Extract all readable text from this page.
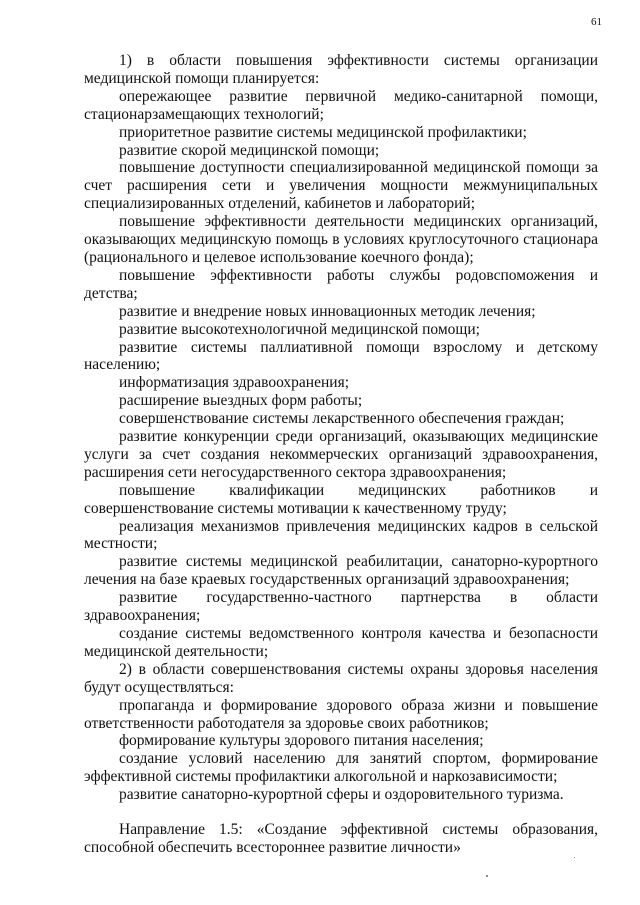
61

1) в области повышения эффективности системы организации медицинской помощи планируется:

опережающее развитие первичной медико-санитарной помощи, стационарзамещающих технологий;

приоритетное развитие системы медицинской профилактики;

развитие скорой медицинской помощи;

повышение доступности специализированной медицинской помощи за счет расширения сети и увеличения мощности межмуниципальных специализированных отделений, кабинетов и лабораторий;

повышение эффективности деятельности медицинских организаций, оказывающих медицинскую помощь в условиях круглосуточного стационара (рационального и целевое использование коечного фонда);

повышение эффективности работы службы родовспоможения и детства;

развитие и внедрение новых инновационных методик лечения;

развитие высокотехнологичной медицинской помощи;

развитие системы паллиативной помощи взрослому и детскому населению;

информатизация здравоохранения;

расширение выездных форм работы;

совершенствование системы лекарственного обеспечения граждан;

развитие конкуренции среди организаций, оказывающих медицинские услуги за счет создания некоммерческих организаций здравоохранения, расширения сети негосударственного сектора здравоохранения;

повышение квалификации медицинских работников и совершенствование системы мотивации к качественному труду;

реализация механизмов привлечения медицинских кадров в сельской местности;

развитие системы медицинской реабилитации, санаторно-курортного лечения на базе краевых государственных организаций здравоохранения;

развитие государственно-частного партнерства в области здравоохранения;

создание системы ведомственного контроля качества и безопасности медицинской деятельности;

2) в области совершенствования системы охраны здоровья населения будут осуществляться:

пропаганда и формирование здорового образа жизни и повышение ответственности работодателя за здоровье своих работников;

формирование культуры здорового питания населения;

создание условий населению для занятий спортом, формирование эффективной системы профилактики алкогольной и наркозависимости;

развитие санаторно-курортной сферы и оздоровительного туризма.

Направление 1.5: «Создание эффективной системы образования, способной обеспечить всестороннее развитие личности»
